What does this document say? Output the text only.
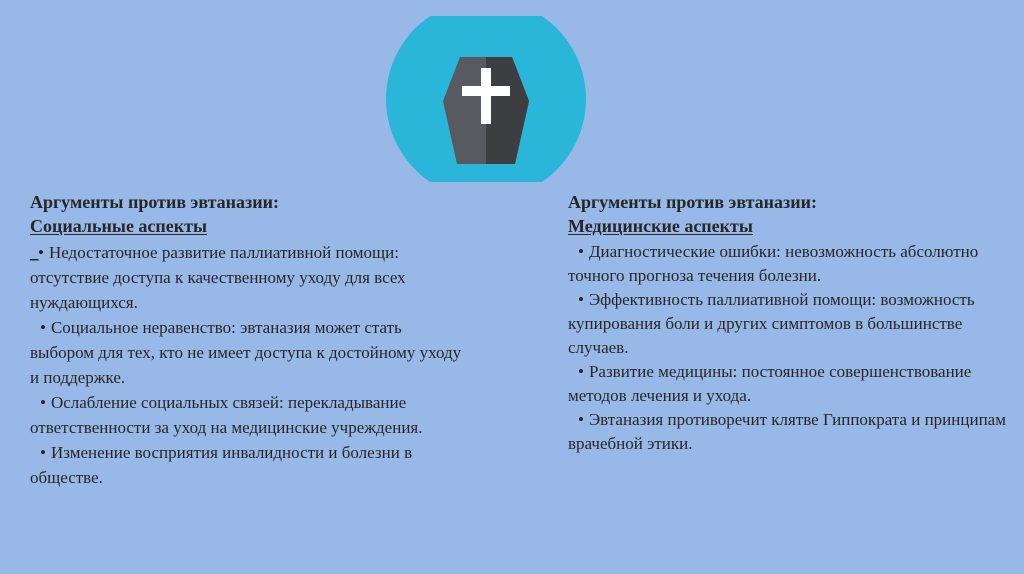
Аргументы против эвтаназии:
Социальные аспекты
_• Недостаточное развитие паллиативной помощи: отсутствие доступа к качественному уходу для всех нуждающихся.
• Социальное неравенство: эвтаназия может стать выбором для тех, кто не имеет доступа к достойному уходу и поддержке.
• Ослабление социальных связей: перекладывание ответственности за уход на медицинские учреждения.
• Изменение восприятия инвалидности и болезни в обществе.
Аргументы против эвтаназии:
Медицинские аспекты
• Диагностические ошибки: невозможность абсолютно точного прогноза течения болезни.
• Эффективность паллиативной помощи: возможность купирования боли и других симптомов в большинстве случаев.
• Развитие медицины: постоянное совершенствование методов лечения и ухода.
• Эвтаназия противоречит клятве Гиппократа и принципам врачебной этики.
